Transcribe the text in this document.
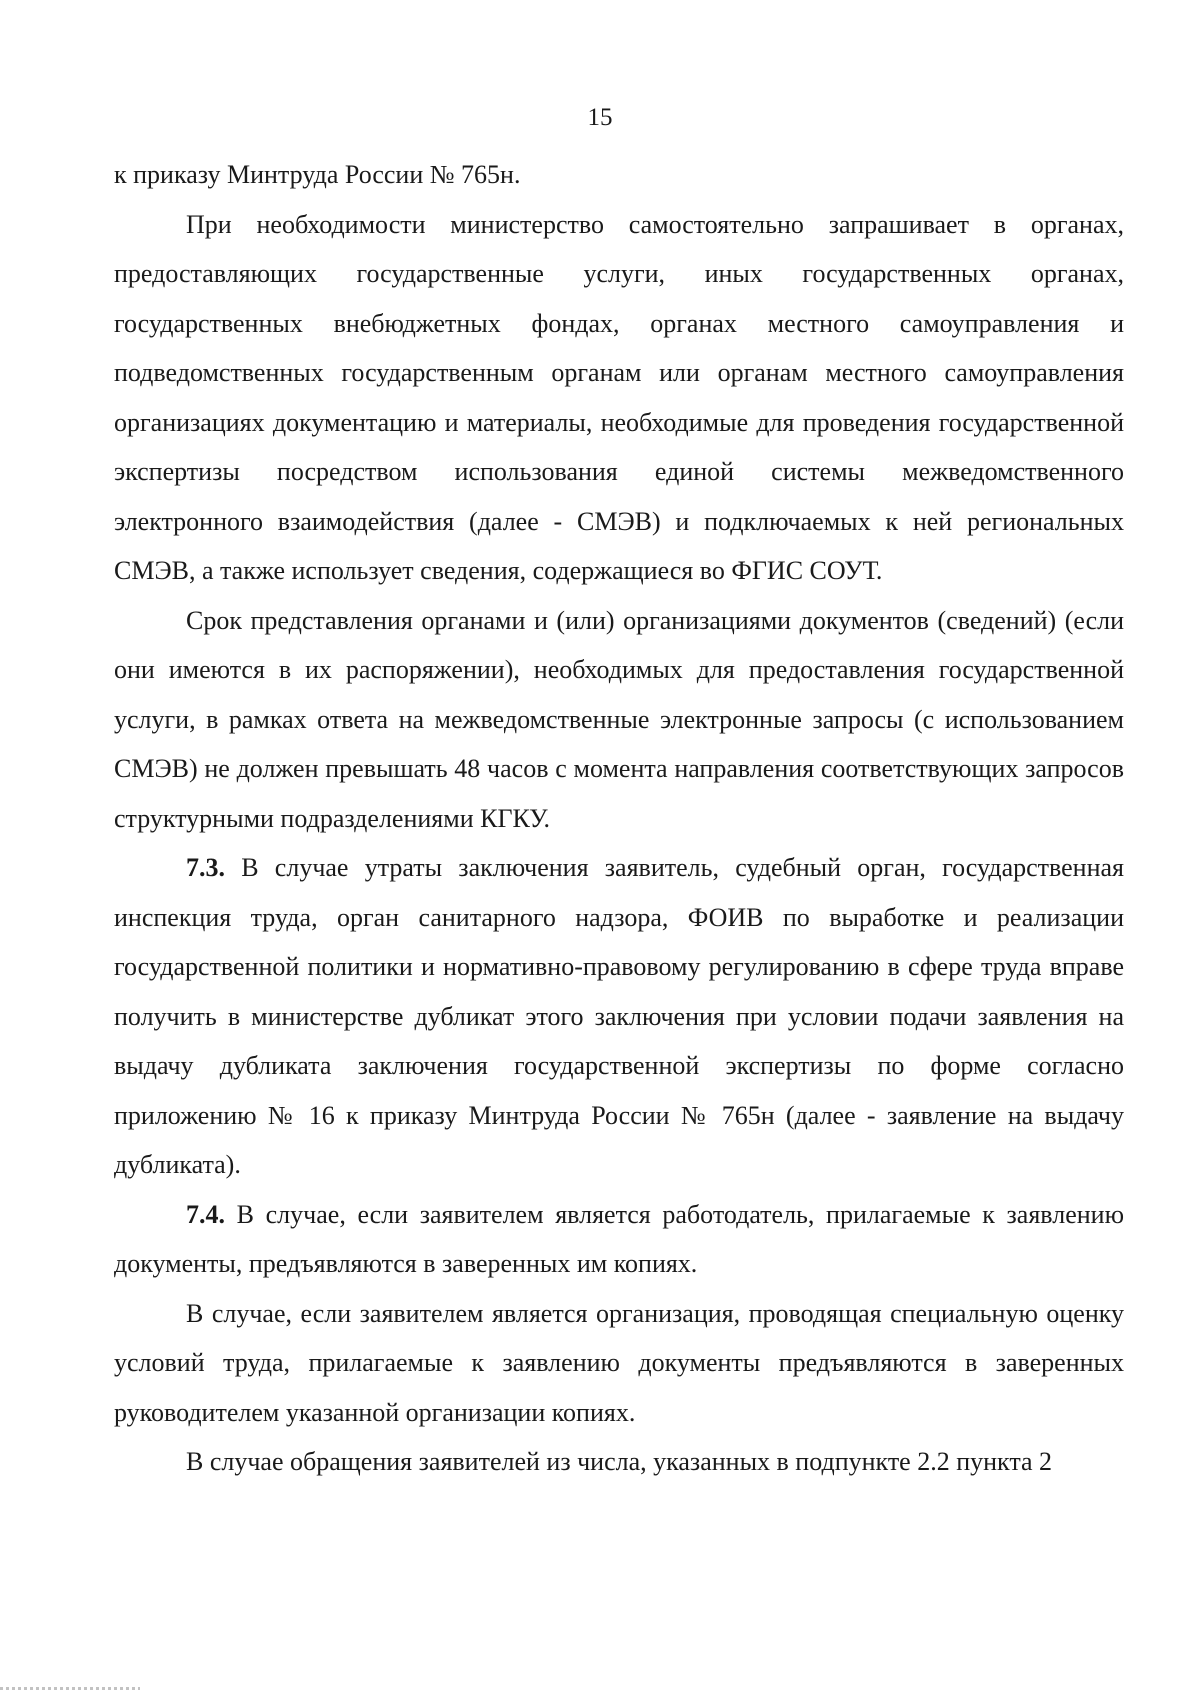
15

к приказу Минтруда России № 765н.

При необходимости министерство самостоятельно запрашивает в органах, предоставляющих государственные услуги, иных государственных органах, государственных внебюджетных фондах, органах местного самоуправления и подведомственных государственным органам или органам местного самоуправления организациях документацию и материалы, необходимые для проведения государственной экспертизы посредством использования единой системы межведомственного электронного взаимодействия (далее - СМЭВ) и подключаемых к ней региональных СМЭВ, а также использует сведения, содержащиеся во ФГИС СОУТ.

Срок представления органами и (или) организациями документов (сведений) (если они имеются в их распоряжении), необходимых для предоставления государственной услуги, в рамках ответа на межведомственные электронные запросы (с использованием СМЭВ) не должен превышать 48 часов с момента направления соответствующих запросов структурными подразделениями КГКУ.

7.3. В случае утраты заключения заявитель, судебный орган, государственная инспекция труда, орган санитарного надзора, ФОИВ по выработке и реализации государственной политики и нормативно-правовому регулированию в сфере труда вправе получить в министерстве дубликат этого заключения при условии подачи заявления на выдачу дубликата заключения государственной экспертизы по форме согласно приложению № 16 к приказу Минтруда России № 765н (далее - заявление на выдачу дубликата).

7.4. В случае, если заявителем является работодатель, прилагаемые к заявлению документы, предъявляются в заверенных им копиях.

В случае, если заявителем является организация, проводящая специальную оценку условий труда, прилагаемые к заявлению документы предъявляются в заверенных руководителем указанной организации копиях.

В случае обращения заявителей из числа, указанных в подпункте 2.2 пункта 2
